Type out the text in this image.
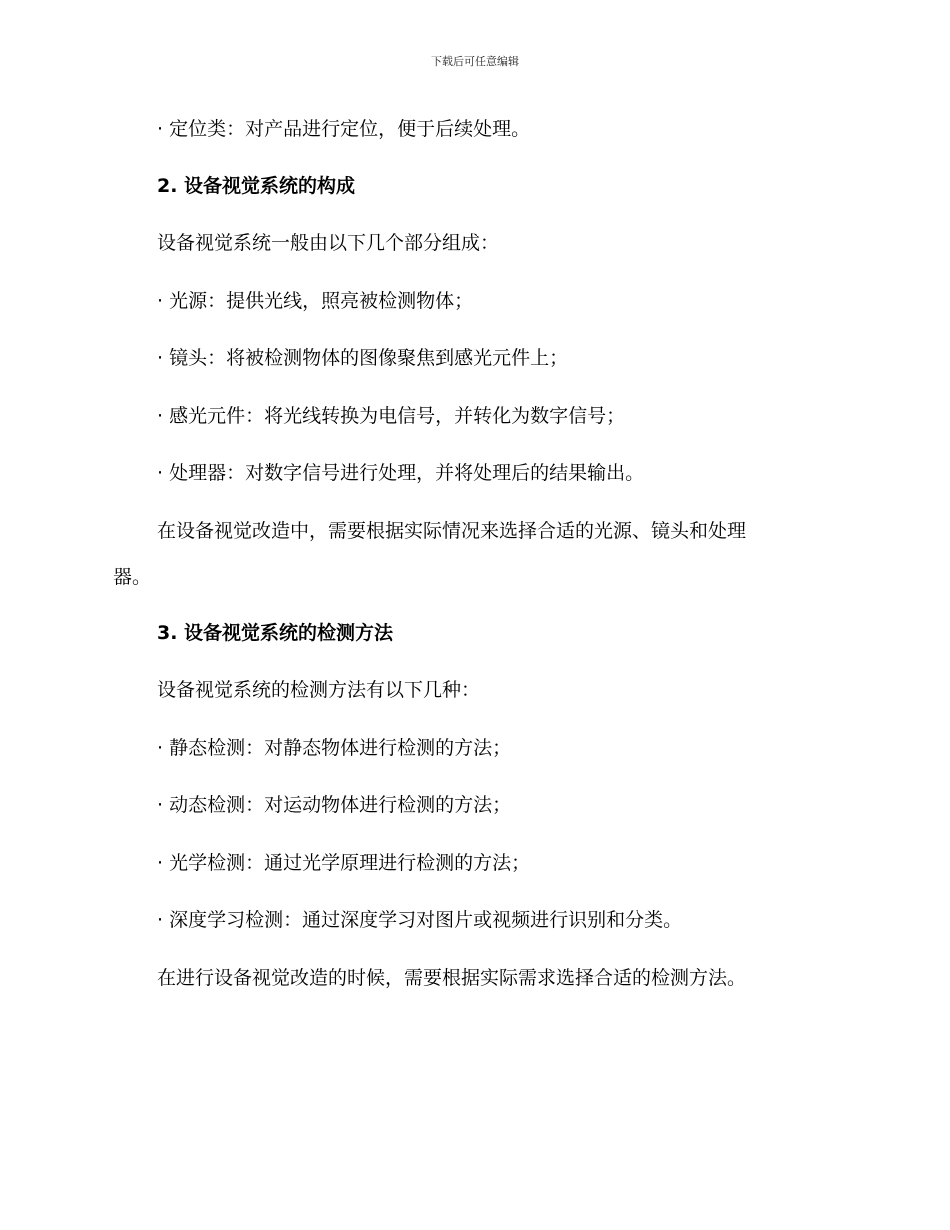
下载后可任意编辑
· 定位类：对产品进行定位，便于后续处理。
2. 设备视觉系统的构成
设备视觉系统一般由以下几个部分组成：
· 光源：提供光线，照亮被检测物体；
· 镜头：将被检测物体的图像聚焦到感光元件上；
· 感光元件：将光线转换为电信号，并转化为数字信号；
· 处理器：对数字信号进行处理，并将处理后的结果输出。
在设备视觉改造中，需要根据实际情况来选择合适的光源、镜头和处理
器。
3. 设备视觉系统的检测方法
设备视觉系统的检测方法有以下几种：
· 静态检测：对静态物体进行检测的方法；
· 动态检测：对运动物体进行检测的方法；
· 光学检测：通过光学原理进行检测的方法；
· 深度学习检测：通过深度学习对图片或视频进行识别和分类。
在进行设备视觉改造的时候，需要根据实际需求选择合适的检测方法。
